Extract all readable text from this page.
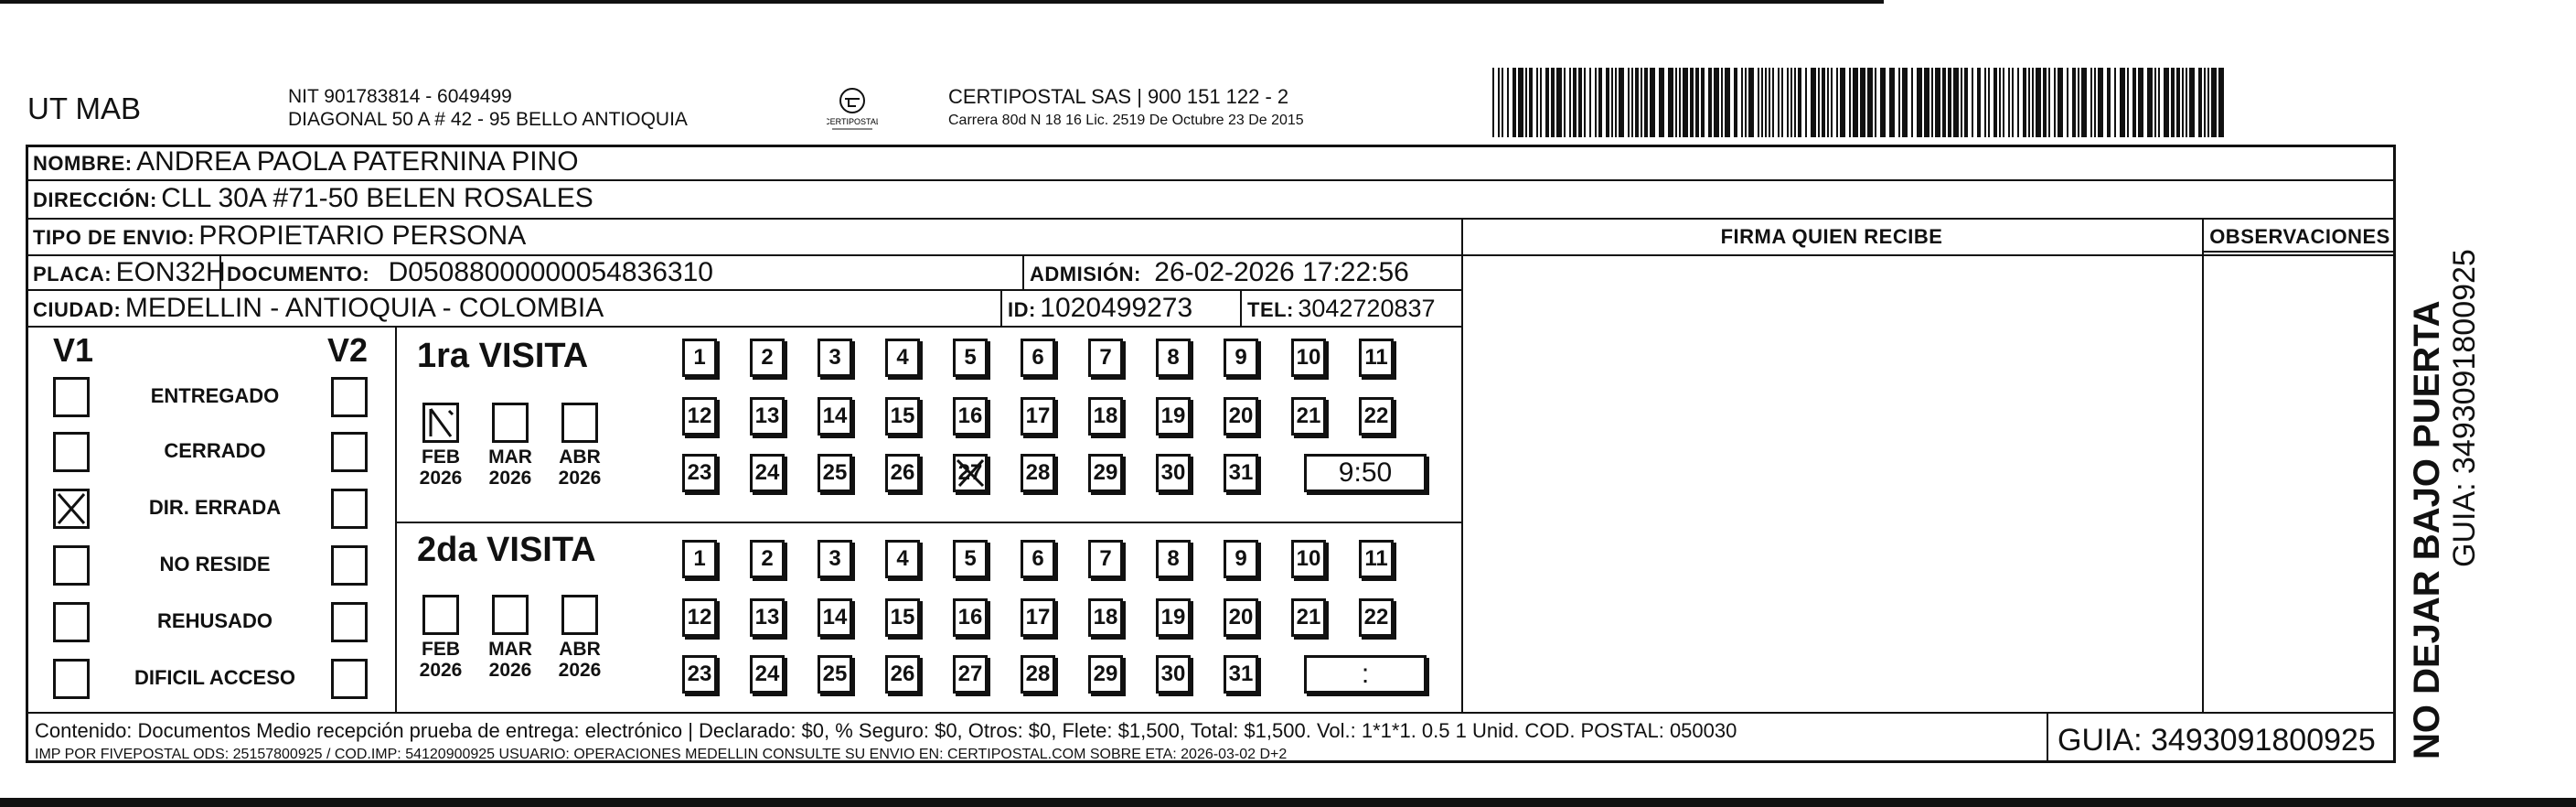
UT MAB	NIT 901783814 - 6049499
DIAGONAL 50 A # 42 - 95 BELLO ANTIOQUIA	CERTIPOSTAL
CERTIPOSTAL SAS | 900 151 122 - 2
Carrera 80d N 18 16 Lic. 2519 De Octubre 23 De 2015
NOMBRE: ANDREA PAOLA PATERNINA PINO
DIRECCIÓN: CLL 30A #71-50 BELEN ROSALES
TIPO DE ENVIO: PROPIETARIO PERSONA
PLACA: EON32H DOCUMENTO: D05088000000054836310	ADMISIÓN: 26-02-2026 17:22:56
CIUDAD: MEDELLIN - ANTIOQUIA - COLOMBIA	ID: 1020499273	TEL: 3042720837
FIRMA QUIEN RECIBE	OBSERVACIONES
V1	V2
ENTREGADO
CERRADO
DIR. ERRADA
NO RESIDE
REHUSADO
DIFICIL ACCESO
1ra VISITA
2da VISITA
FEB
2026
MAR
2026
ABR
2026
FEB
2026
MAR
2026
ABR
2026
1	2	3	4	5	6	7	8	9	10 11
12 13 14 15 16 17 18 19 20 21 22
23 24 25 26 27 28 29 30 31	9:50
1	2	3	4	5	6	7	8	9	10 11
12 13 14 15 16 17 18 19 20 21 22
23 24 25 26 27 28 29 30 31	:
Contenido: Documentos Medio recepción prueba de entrega: electrónico | Declarado: $0, % Seguro: $0, Otros: $0, Flete: $1,500, Total: $1,500. Vol.: 1*1*1. 0.5 1 Unid. COD. POSTAL: 050030
IMP POR FIVEPOSTAL ODS: 25157800925 / COD.IMP: 54120900925 USUARIO: OPERACIONES MEDELLIN CONSULTE SU ENVIO EN: CERTIPOSTAL.COM SOBRE ETA: 2026-03-02 D+2	GUIA: 3493091800925 NO DEJAR BAJO PUERTA GUIA: 3493091800925
